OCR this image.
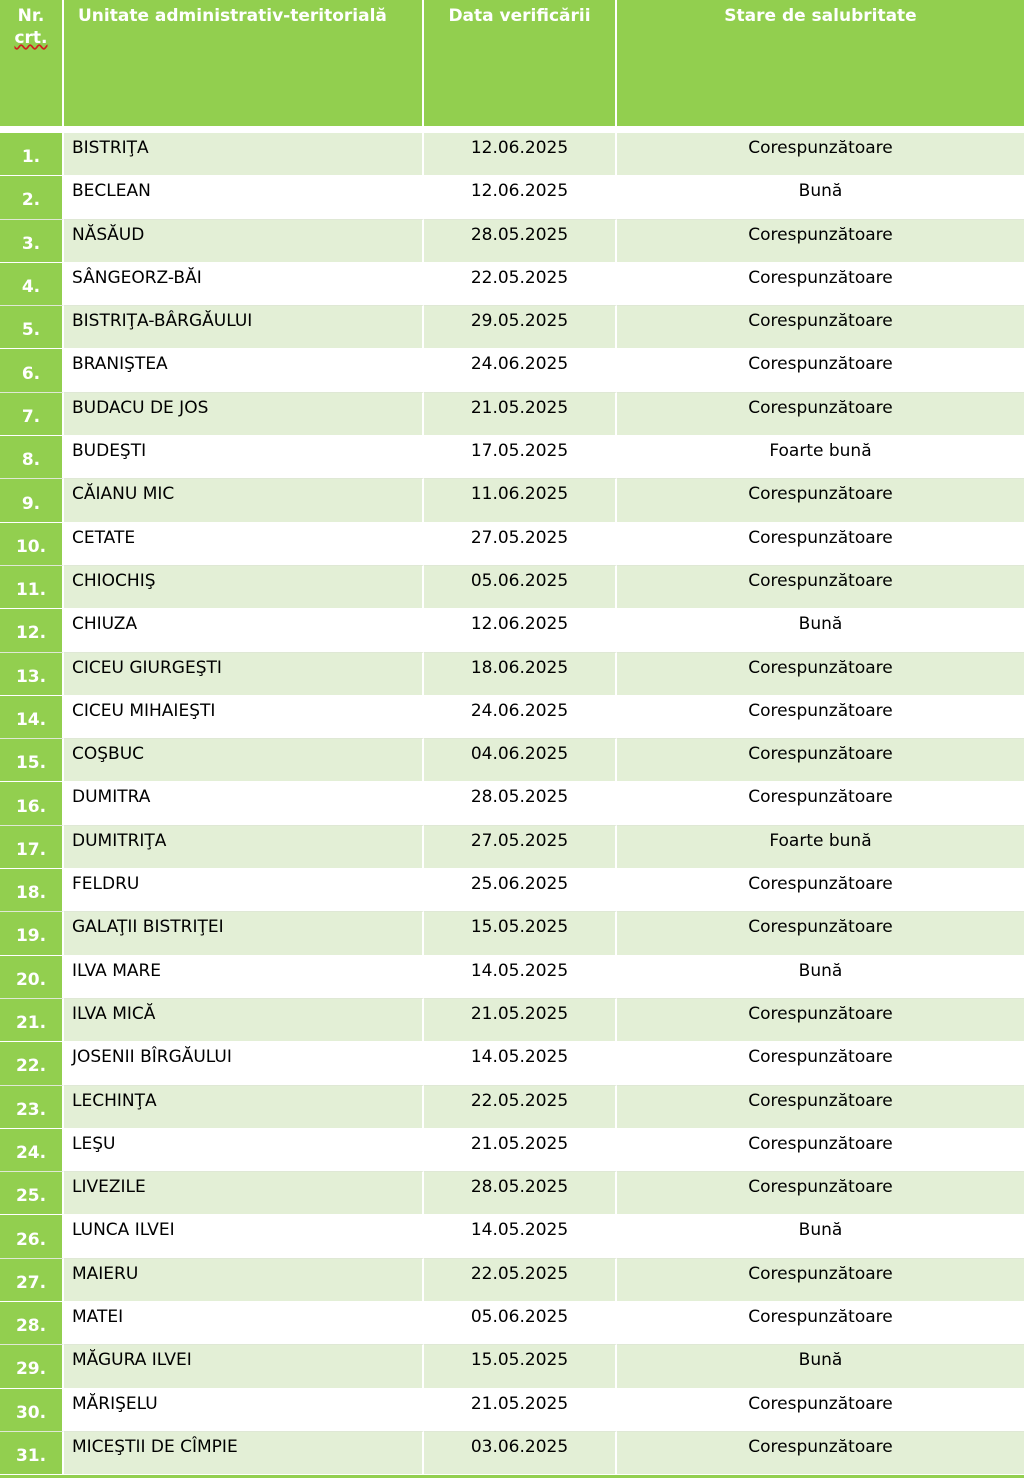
Nr.
crt.	Unitate administrativ-teritorială	Data verificării	Stare de salubritate

1.	BISTRIŢA	12.06.2025	Corespunzătoare
2.	BECLEAN	12.06.2025	Bună
3.	NĂSĂUD	28.05.2025	Corespunzătoare
4.	SÂNGEORZ-BĂI	22.05.2025	Corespunzătoare
5.	BISTRIŢA-BÂRGĂULUI	29.05.2025	Corespunzătoare
6.	BRANIŞTEA	24.06.2025	Corespunzătoare
7.	BUDACU DE JOS	21.05.2025	Corespunzătoare
8.	BUDEŞTI	17.05.2025	Foarte bună
9.	CĂIANU MIC	11.06.2025	Corespunzătoare
10.	CETATE	27.05.2025	Corespunzătoare
11.	CHIOCHIŞ	05.06.2025	Corespunzătoare
12.	CHIUZA	12.06.2025	Bună
13.	CICEU GIURGEŞTI	18.06.2025	Corespunzătoare
14.	CICEU MIHAIEŞTI	24.06.2025	Corespunzătoare
15.	COŞBUC	04.06.2025	Corespunzătoare
16.	DUMITRA	28.05.2025	Corespunzătoare
17.	DUMITRIŢA	27.05.2025	Foarte bună
18.	FELDRU	25.06.2025	Corespunzătoare
19.	GALAŢII BISTRIŢEI	15.05.2025	Corespunzătoare
20.	ILVA MARE	14.05.2025	Bună
21.	ILVA MICĂ	21.05.2025	Corespunzătoare
22.	JOSENII BÎRGĂULUI	14.05.2025	Corespunzătoare
23.	LECHINŢA	22.05.2025	Corespunzătoare
24.	LEŞU	21.05.2025	Corespunzătoare
25.	LIVEZILE	28.05.2025	Corespunzătoare
26.	LUNCA ILVEI	14.05.2025	Bună
27.	MAIERU	22.05.2025	Corespunzătoare
28.	MATEI	05.06.2025	Corespunzătoare
29.	MĂGURA ILVEI	15.05.2025	Bună
30.	MĂRIŞELU	21.05.2025	Corespunzătoare
31.	MICEŞTII DE CÎMPIE	03.06.2025	Corespunzătoare
